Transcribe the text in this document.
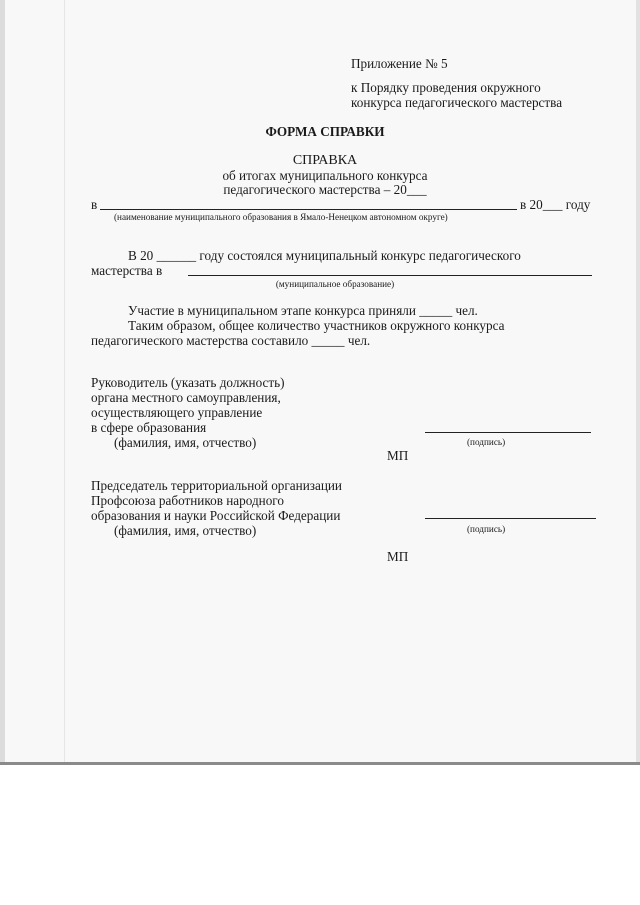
Приложение № 5
к Порядку проведения окружного
конкурса педагогического мастерства
ФОРМА СПРАВКИ
СПРАВКА
об итогах муниципального конкурса
педагогического мастерства – 20___
в	в 20___ году
(наименование муниципального образования в Ямало-Ненецком автономном округе)
В 20 ______ году состоялся муниципальный конкурс педагогического
мастерства в
(муниципальное образование)
Участие в муниципальном этапе конкурса приняли _____ чел.
Таким образом, общее количество участников окружного конкурса
педагогического мастерства составило _____ чел.
Руководитель (указать должность)
органа местного самоуправления,
осуществляющего управление
в сфере образования
(фамилия, имя, отчество)	(подпись)
МП
Председатель территориальной организации
Профсоюза работников народного
образования и науки Российской Федерации
(фамилия, имя, отчество)	(подпись)
МП
